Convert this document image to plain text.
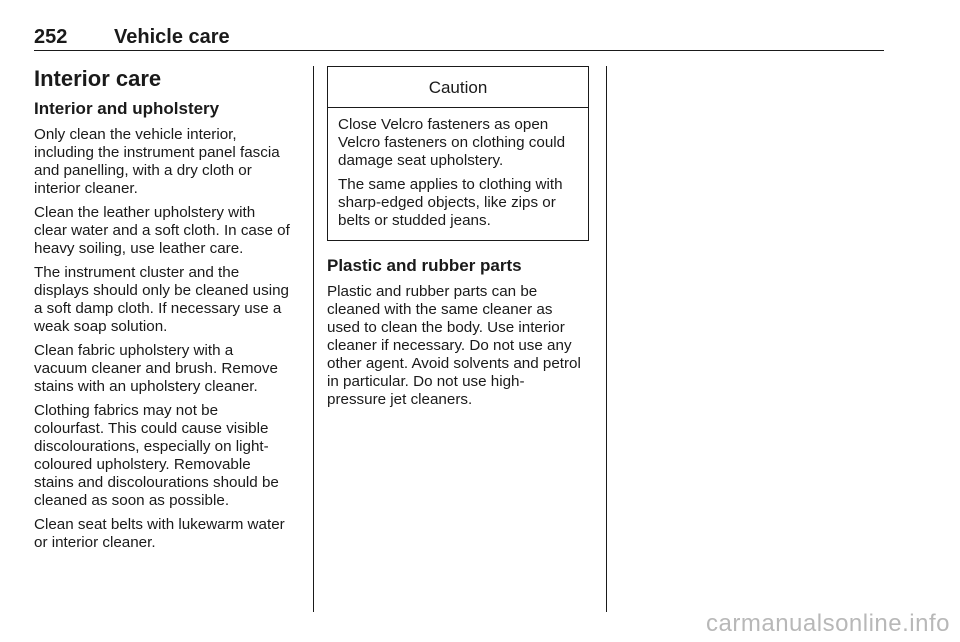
252 Vehicle care
Interior care
Interior and upholstery

Only clean the vehicle interior,
including the instrument panel fascia
and panelling, with a dry cloth or
interior cleaner.

Clean the leather upholstery with
clear water and a soft cloth. In case of
heavy soiling, use leather care.

The instrument cluster and the
displays should only be cleaned using
a soft damp cloth. If necessary use a
weak soap solution.

Clean fabric upholstery with a
vacuum cleaner and brush. Remove
stains with an upholstery cleaner.

Clothing fabrics may not be
colourfast. This could cause visible
discolourations, especially on light-
coloured upholstery. Removable
stains and discolourations should be
cleaned as soon as possible.

Clean seat belts with lukewarm water
or interior cleaner.

Caution

Close Velcro fasteners as open
Velcro fasteners on clothing could
damage seat upholstery.

The same applies to clothing with
sharp-edged objects, like zips or
belts or studded jeans.

Plastic and rubber parts

Plastic and rubber parts can be
cleaned with the same cleaner as
used to clean the body. Use interior
cleaner if necessary. Do not use any
other agent. Avoid solvents and petrol
in particular. Do not use high-
pressure jet cleaners.

carmanualsonline.info
